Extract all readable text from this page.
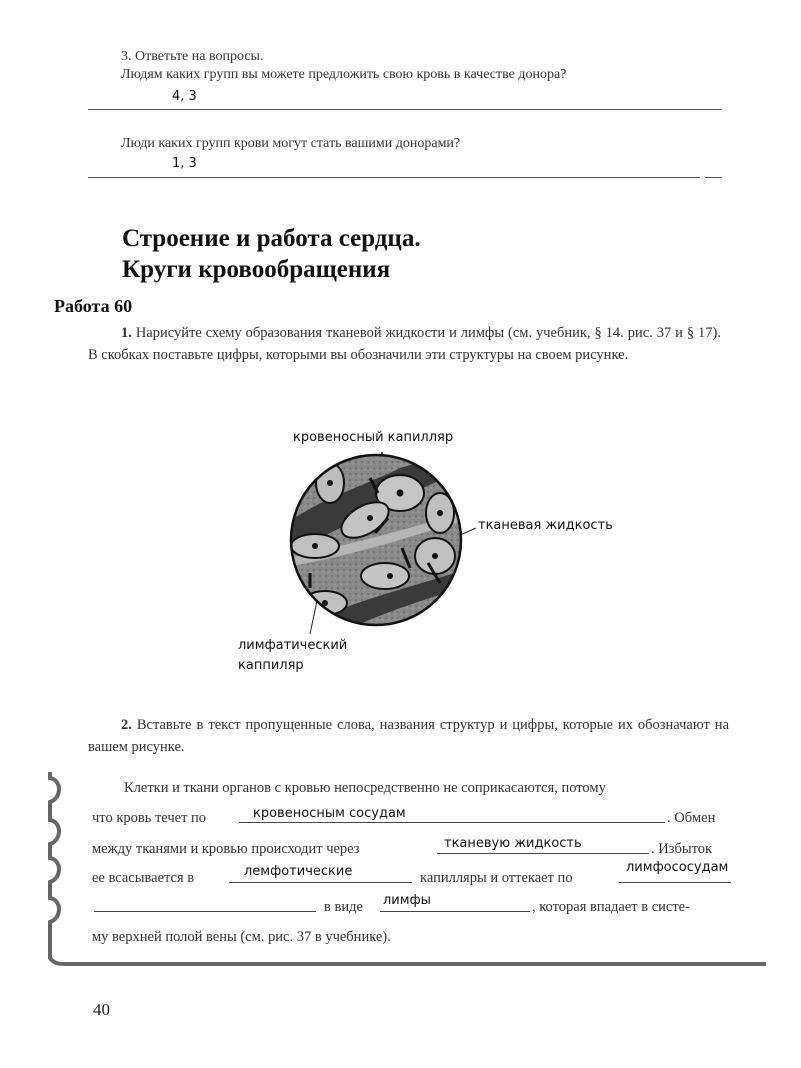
3. Ответьте на вопросы.
Людям каких групп вы можете предложить свою кровь в качестве донора?
4, 3
Люди каких групп крови могут стать вашими донорами?
1, 3
Строение и работа сердца.
Круги кровообращения
Работа 60
1. Нарисуйте схему образования тканевой жидкости и лимфы (см. учебник, § 14. рис. 37 и § 17). В скобках поставьте цифры, которыми вы обозначили эти структуры на своем рисунке.
кровеносный капилляр
тканевая жидкость
лимфатический
каппиляр
2. Вставьте в текст пропущенные слова, названия структур и цифры, которые их обозначают на вашем рисунке.
Клетки и ткани органов с кровью непосредственно не соприкасаются, потому
что кровь течет по	кровеносным сосудам	. Обмен
между тканями и кровью происходит через	тканевую жидкость	. Избыток
ее всасывается в	лемфотические	капилляры и оттекает по
лимфососудам
в виде лимфы	, которая впадает в систе-
му верхней полой вены (см. рис. 37 в учебнике).
40
